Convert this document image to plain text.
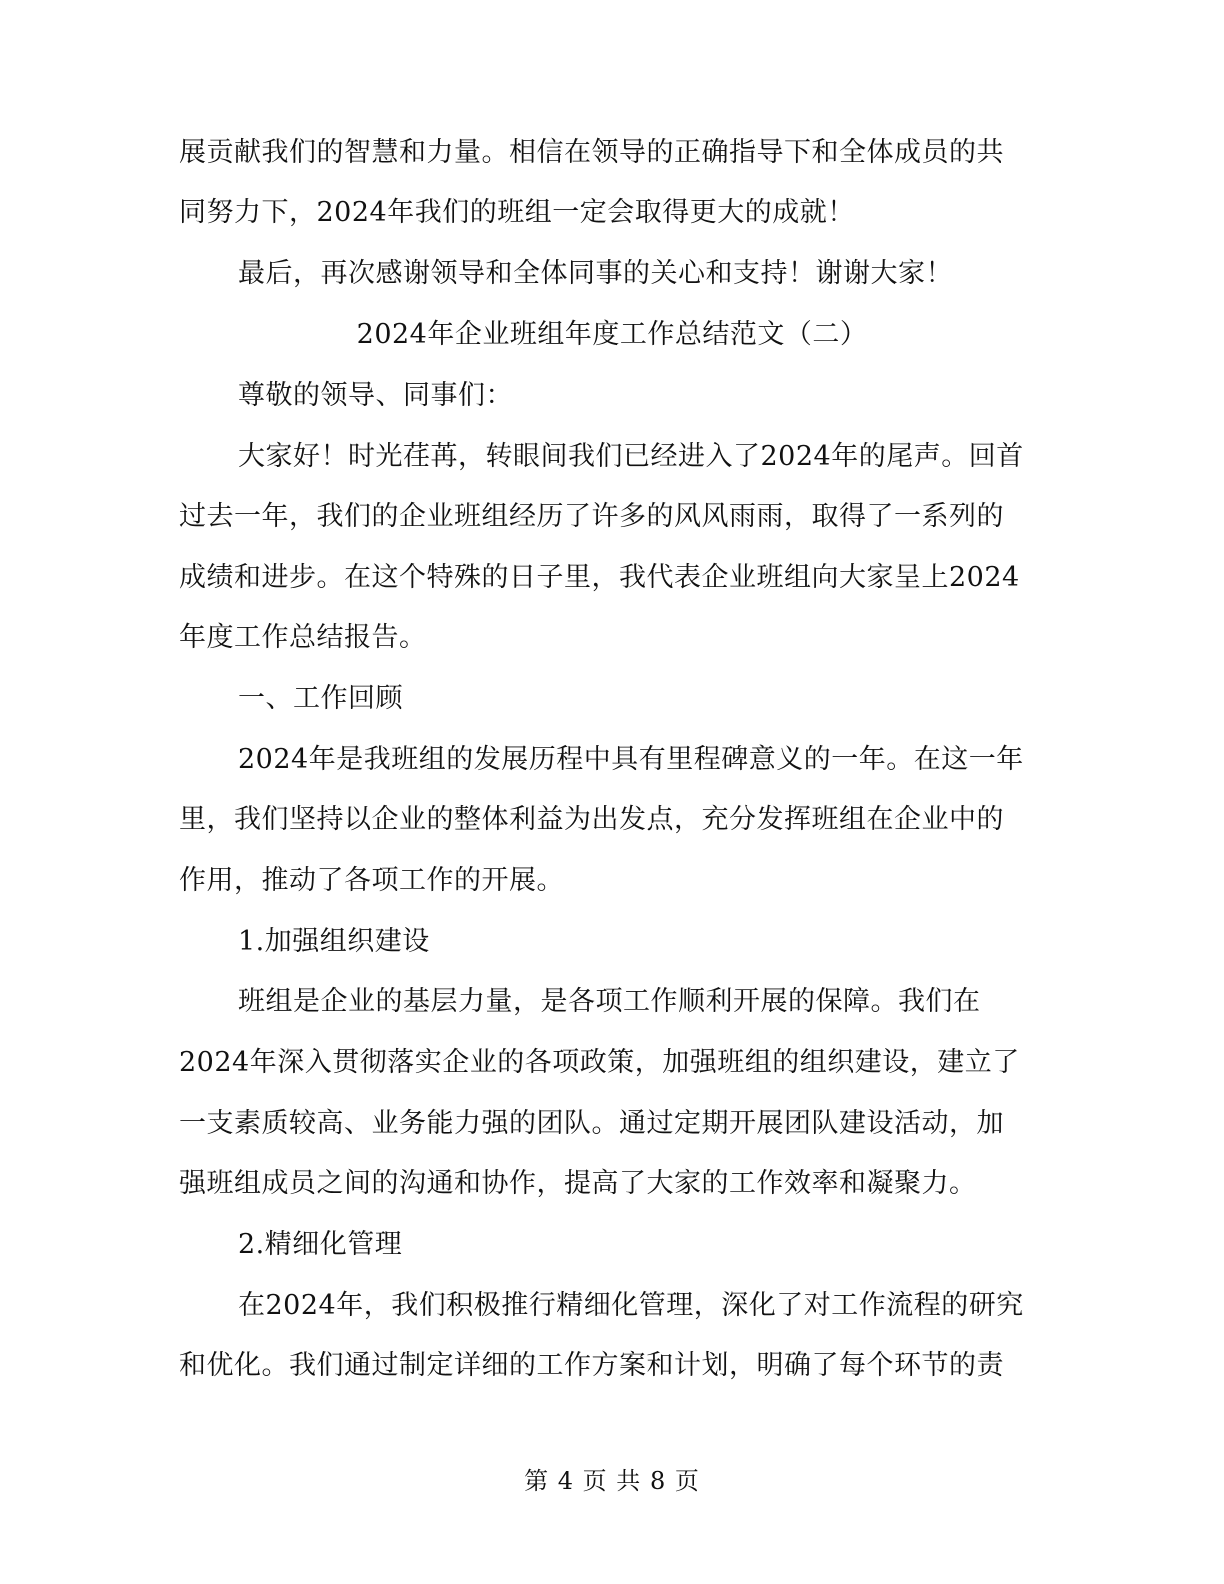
展贡献我们的智慧和力量。相信在领导的正确指导下和全体成员的共
同努力下，2024年我们的班组一定会取得更大的成就！
最后，再次感谢领导和全体同事的关心和支持！谢谢大家！
2024年企业班组年度工作总结范文（二）
尊敬的领导、同事们：
大家好！时光荏苒，转眼间我们已经进入了2024年的尾声。回首
过去一年，我们的企业班组经历了许多的风风雨雨，取得了一系列的
成绩和进步。在这个特殊的日子里，我代表企业班组向大家呈上2024
年度工作总结报告。
一、工作回顾
2024年是我班组的发展历程中具有里程碑意义的一年。在这一年
里，我们坚持以企业的整体利益为出发点，充分发挥班组在企业中的
作用，推动了各项工作的开展。
1.加强组织建设
班组是企业的基层力量，是各项工作顺利开展的保障。我们在
2024年深入贯彻落实企业的各项政策，加强班组的组织建设，建立了
一支素质较高、业务能力强的团队。通过定期开展团队建设活动，加
强班组成员之间的沟通和协作，提高了大家的工作效率和凝聚力。
2.精细化管理
在2024年，我们积极推行精细化管理，深化了对工作流程的研究
和优化。我们通过制定详细的工作方案和计划，明确了每个环节的责
第 4 页 共 8 页
